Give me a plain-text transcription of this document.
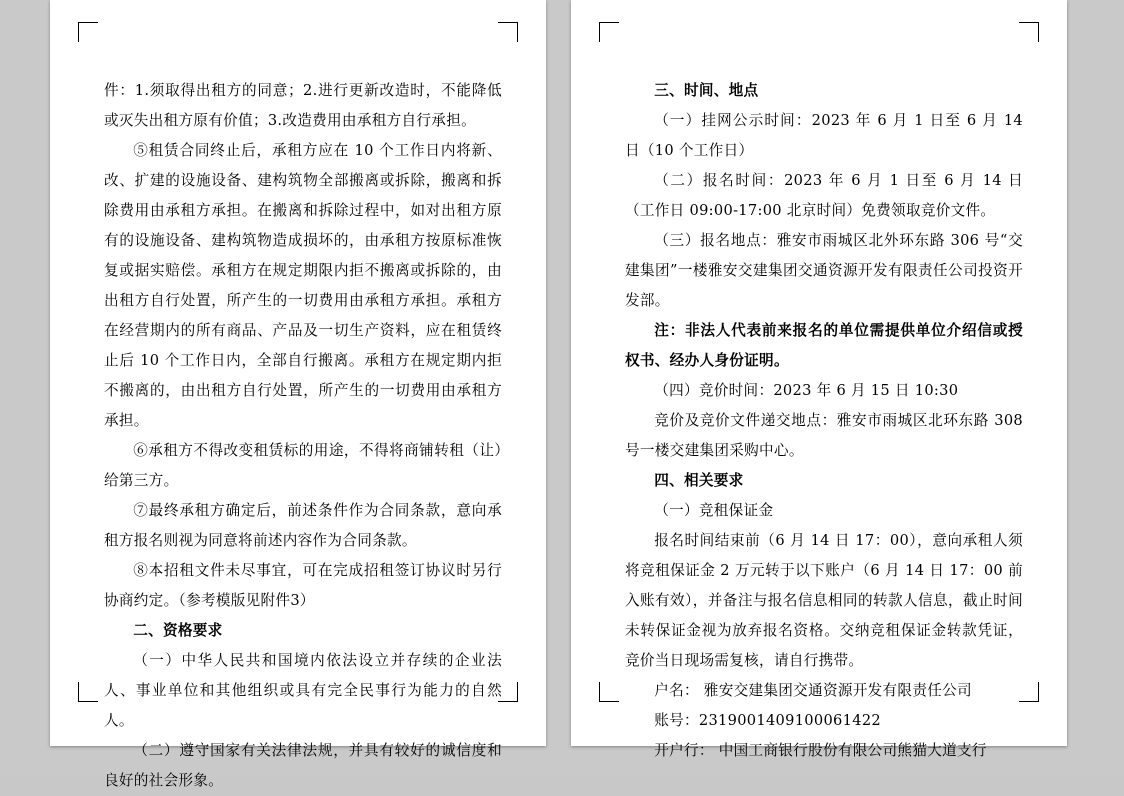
件：1.须取得出租方的同意；2.进行更新改造时，不能降低或灭失出租方原有价值；3.改造费用由承租方自行承担。

⑤租赁合同终止后，承租方应在 10 个工作日内将新、改、扩建的设施设备、建构筑物全部搬离或拆除，搬离和拆除费用由承租方承担。在搬离和拆除过程中，如对出租方原有的设施设备、建构筑物造成损坏的，由承租方按原标准恢复或据实赔偿。承租方在规定期限内拒不搬离或拆除的，由出租方自行处置，所产生的一切费用由承租方承担。承租方在经营期内的所有商品、产品及一切生产资料，应在租赁终止后 10 个工作日内，全部自行搬离。承租方在规定期内拒不搬离的，由出租方自行处置，所产生的一切费用由承租方承担。

⑥承租方不得改变租赁标的用途，不得将商铺转租（让）给第三方。

⑦最终承租方确定后，前述条件作为合同条款，意向承租方报名则视为同意将前述内容作为合同条款。

⑧本招租文件未尽事宜，可在完成招租签订协议时另行协商约定。（参考模版见附件3）

二、资格要求

（一）中华人民共和国境内依法设立并存续的企业法人、事业单位和其他组织或具有完全民事行为能力的自然人。

（二）遵守国家有关法律法规，并具有较好的诚信度和良好的社会形象。

三、时间、地点

（一）挂网公示时间：2023 年 6 月 1 日至 6 月 14 日（10 个工作日）

（二）报名时间：2023 年 6 月 1 日至 6 月 14 日（工作日 09:00-17:00 北京时间）免费领取竞价文件。

（三）报名地点：雅安市雨城区北外环东路 306 号“交建集团”一楼雅安交建集团交通资源开发有限责任公司投资开发部。

注：非法人代表前来报名的单位需提供单位介绍信或授权书、经办人身份证明。

（四）竞价时间：2023 年 6 月 15 日 10:30

竞价及竞价文件递交地点：雅安市雨城区北环东路 308 号一楼交建集团采购中心。

四、相关要求

（一）竞租保证金

报名时间结束前（6 月 14 日 17：00），意向承租人须将竞租保证金 2 万元转于以下账户（6 月 14 日 17：00 前入账有效），并备注与报名信息相同的转款人信息，截止时间未转保证金视为放弃报名资格。交纳竞租保证金转款凭证，竞价当日现场需复核，请自行携带。

户名： 雅安交建集团交通资源开发有限责任公司

账号：2319001409100061422

开户行： 中国工商银行股份有限公司熊猫大道支行
